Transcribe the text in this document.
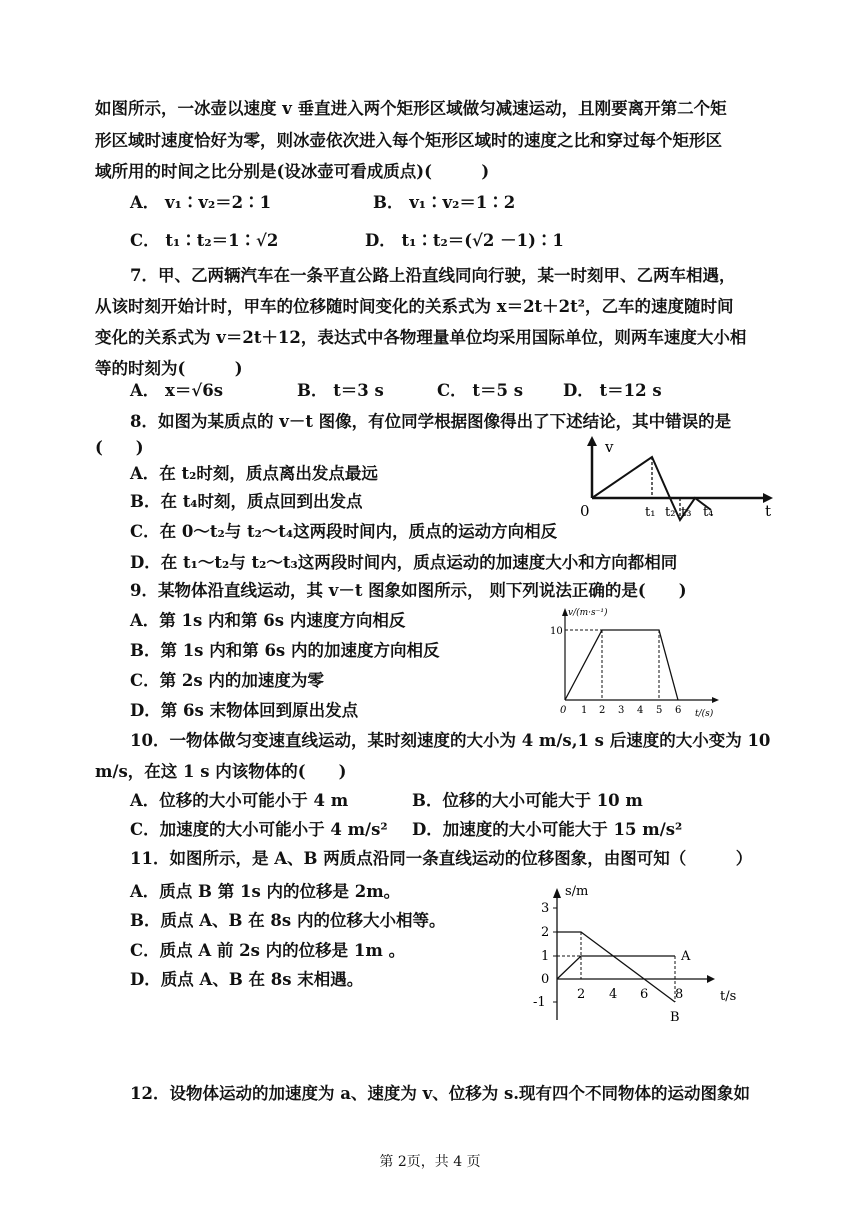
如图所示，一冰壶以速度 v 垂直进入两个矩形区域做匀减速运动，且刚要离开第二个矩
形区域时速度恰好为零，则冰壶依次进入每个矩形区域时的速度之比和穿过每个矩形区
域所用的时间之比分别是(设冰壶可看成质点)(　　　)
A． v₁∶v₂＝2∶1	B． v₁∶v₂＝1∶2
C． t₁∶t₂＝1∶√2	D． t₁∶t₂＝(√2 －1)∶1
7．甲、乙两辆汽车在一条平直公路上沿直线同向行驶，某一时刻甲、乙两车相遇，
从该时刻开始计时，甲车的位移随时间变化的关系式为 x＝2t＋2t²，乙车的速度随时间
变化的关系式为 v＝2t＋12，表达式中各物理量单位均采用国际单位，则两车速度大小相
等的时刻为(　　　)
A． x＝√6s	B． t＝3 s	C． t＝5 s D． t＝12 s
8．如图为某质点的 v－t 图像，有位同学根据图像得出了下述结论，其中错误的是
(　　)
A．在 t₂时刻，质点离出发点最远
B．在 t₄时刻，质点回到出发点
C．在 0～t₂与 t₂～t₄这两段时间内，质点的运动方向相反
D．在 t₁～t₂与 t₂～t₃这两段时间内，质点运动的加速度大小和方向都相同
v
t
0	t₁ t₂ t₃ t₄
9．某物体沿直线运动，其 v－t 图象如图所示， 则下列说法正确的是(　　)
A．第 1s 内和第 6s 内速度方向相反
B．第 1s 内和第 6s 内的加速度方向相反
C．第 2s 内的加速度为零
D．第 6s 末物体回到原出发点
v/(m·s⁻¹)
t/(s)
10
0 1 2 3 4 5 6
10．一物体做匀变速直线运动，某时刻速度的大小为 4 m/s,1 s 后速度的大小变为 10
m/s，在这 1 s 内该物体的(　　)
A．位移的大小可能小于 4 m	B．位移的大小可能大于 10 m
C．加速度的大小可能小于 4 m/s² D．加速度的大小可能大于 15 m/s²
11．如图所示，是 A、B 两质点沿同一条直线运动的位移图象，由图可知（　　　）
A．质点 B 第 1s 内的位移是 2m。
B．质点 A、B 在 8s 内的位移大小相等。
C．质点 A 前 2s 内的位移是 1m 。
D．质点 A、B 在 8s 末相遇。
s/m
t/s
3
2
1
0
-1
2 4 6 8
A
B
12．设物体运动的加速度为 a、速度为 v、位移为 s.现有四个不同物体的运动图象如
第 2页，共 4 页
